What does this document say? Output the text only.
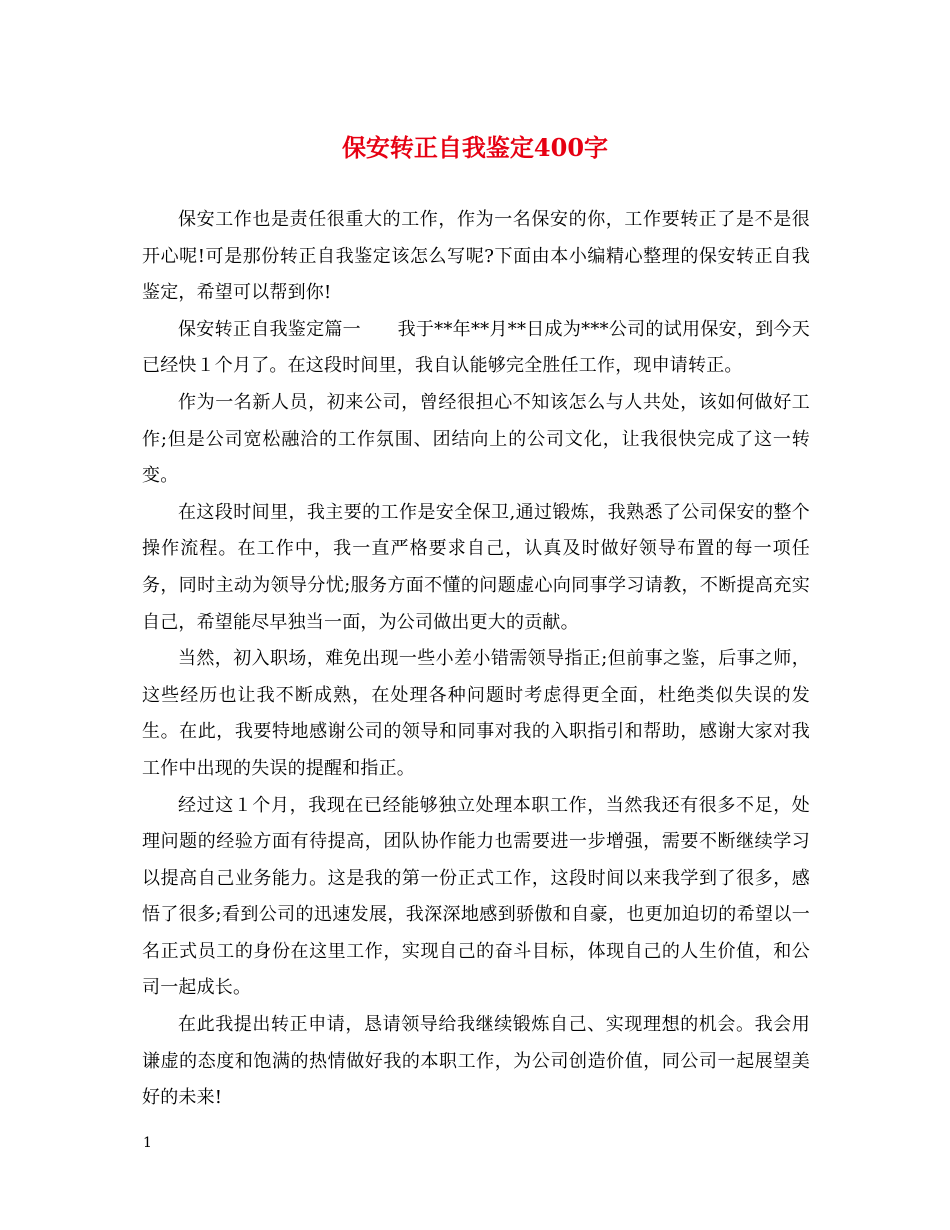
保安转正自我鉴定400字

保安工作也是责任很重大的工作，作为一名保安的你，工作要转正了是不是很开心呢!可是那份转正自我鉴定该怎么写呢?下面由本小编精心整理的保安转正自我鉴定，希望可以帮到你!

保安转正自我鉴定篇一　　我于**年**月**日成为***公司的试用保安，到今天已经快１个月了。在这段时间里，我自认能够完全胜任工作，现申请转正。

作为一名新人员，初来公司，曾经很担心不知该怎么与人共处，该如何做好工作;但是公司宽松融洽的工作氛围、团结向上的公司文化，让我很快完成了这一转变。

在这段时间里，我主要的工作是安全保卫,通过锻炼，我熟悉了公司保安的整个操作流程。在工作中，我一直严格要求自己，认真及时做好领导布置的每一项任务，同时主动为领导分忧;服务方面不懂的问题虚心向同事学习请教，不断提高充实自己，希望能尽早独当一面，为公司做出更大的贡献。

当然，初入职场，难免出现一些小差小错需领导指正;但前事之鉴，后事之师，这些经历也让我不断成熟，在处理各种问题时考虑得更全面，杜绝类似失误的发生。在此，我要特地感谢公司的领导和同事对我的入职指引和帮助，感谢大家对我工作中出现的失误的提醒和指正。

经过这１个月，我现在已经能够独立处理本职工作，当然我还有很多不足，处理问题的经验方面有待提高，团队协作能力也需要进一步增强，需要不断继续学习以提高自己业务能力。这是我的第一份正式工作，这段时间以来我学到了很多，感悟了很多;看到公司的迅速发展，我深深地感到骄傲和自豪，也更加迫切的希望以一名正式员工的身份在这里工作，实现自己的奋斗目标，体现自己的人生价值，和公司一起成长。

在此我提出转正申请，恳请领导给我继续锻炼自己、实现理想的机会。我会用谦虚的态度和饱满的热情做好我的本职工作，为公司创造价值，同公司一起展望美好的未来!

1
